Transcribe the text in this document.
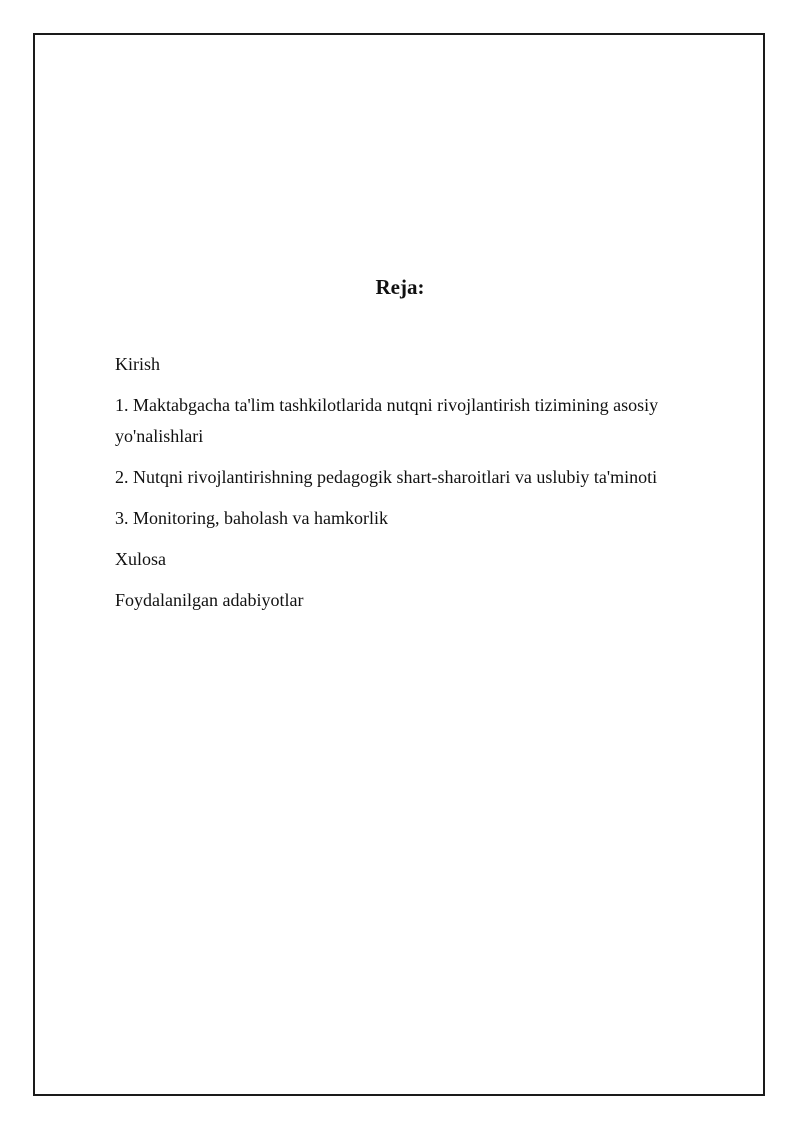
Reja:
Kirish
1. Maktabgacha ta'lim tashkilotlarida nutqni rivojlantirish tizimining asosiy yo'nalishlari
2. Nutqni rivojlantirishning pedagogik shart-sharoitlari va uslubiy ta'minoti
3. Monitoring, baholash va hamkorlik
Xulosa
Foydalanilgan adabiyotlar
